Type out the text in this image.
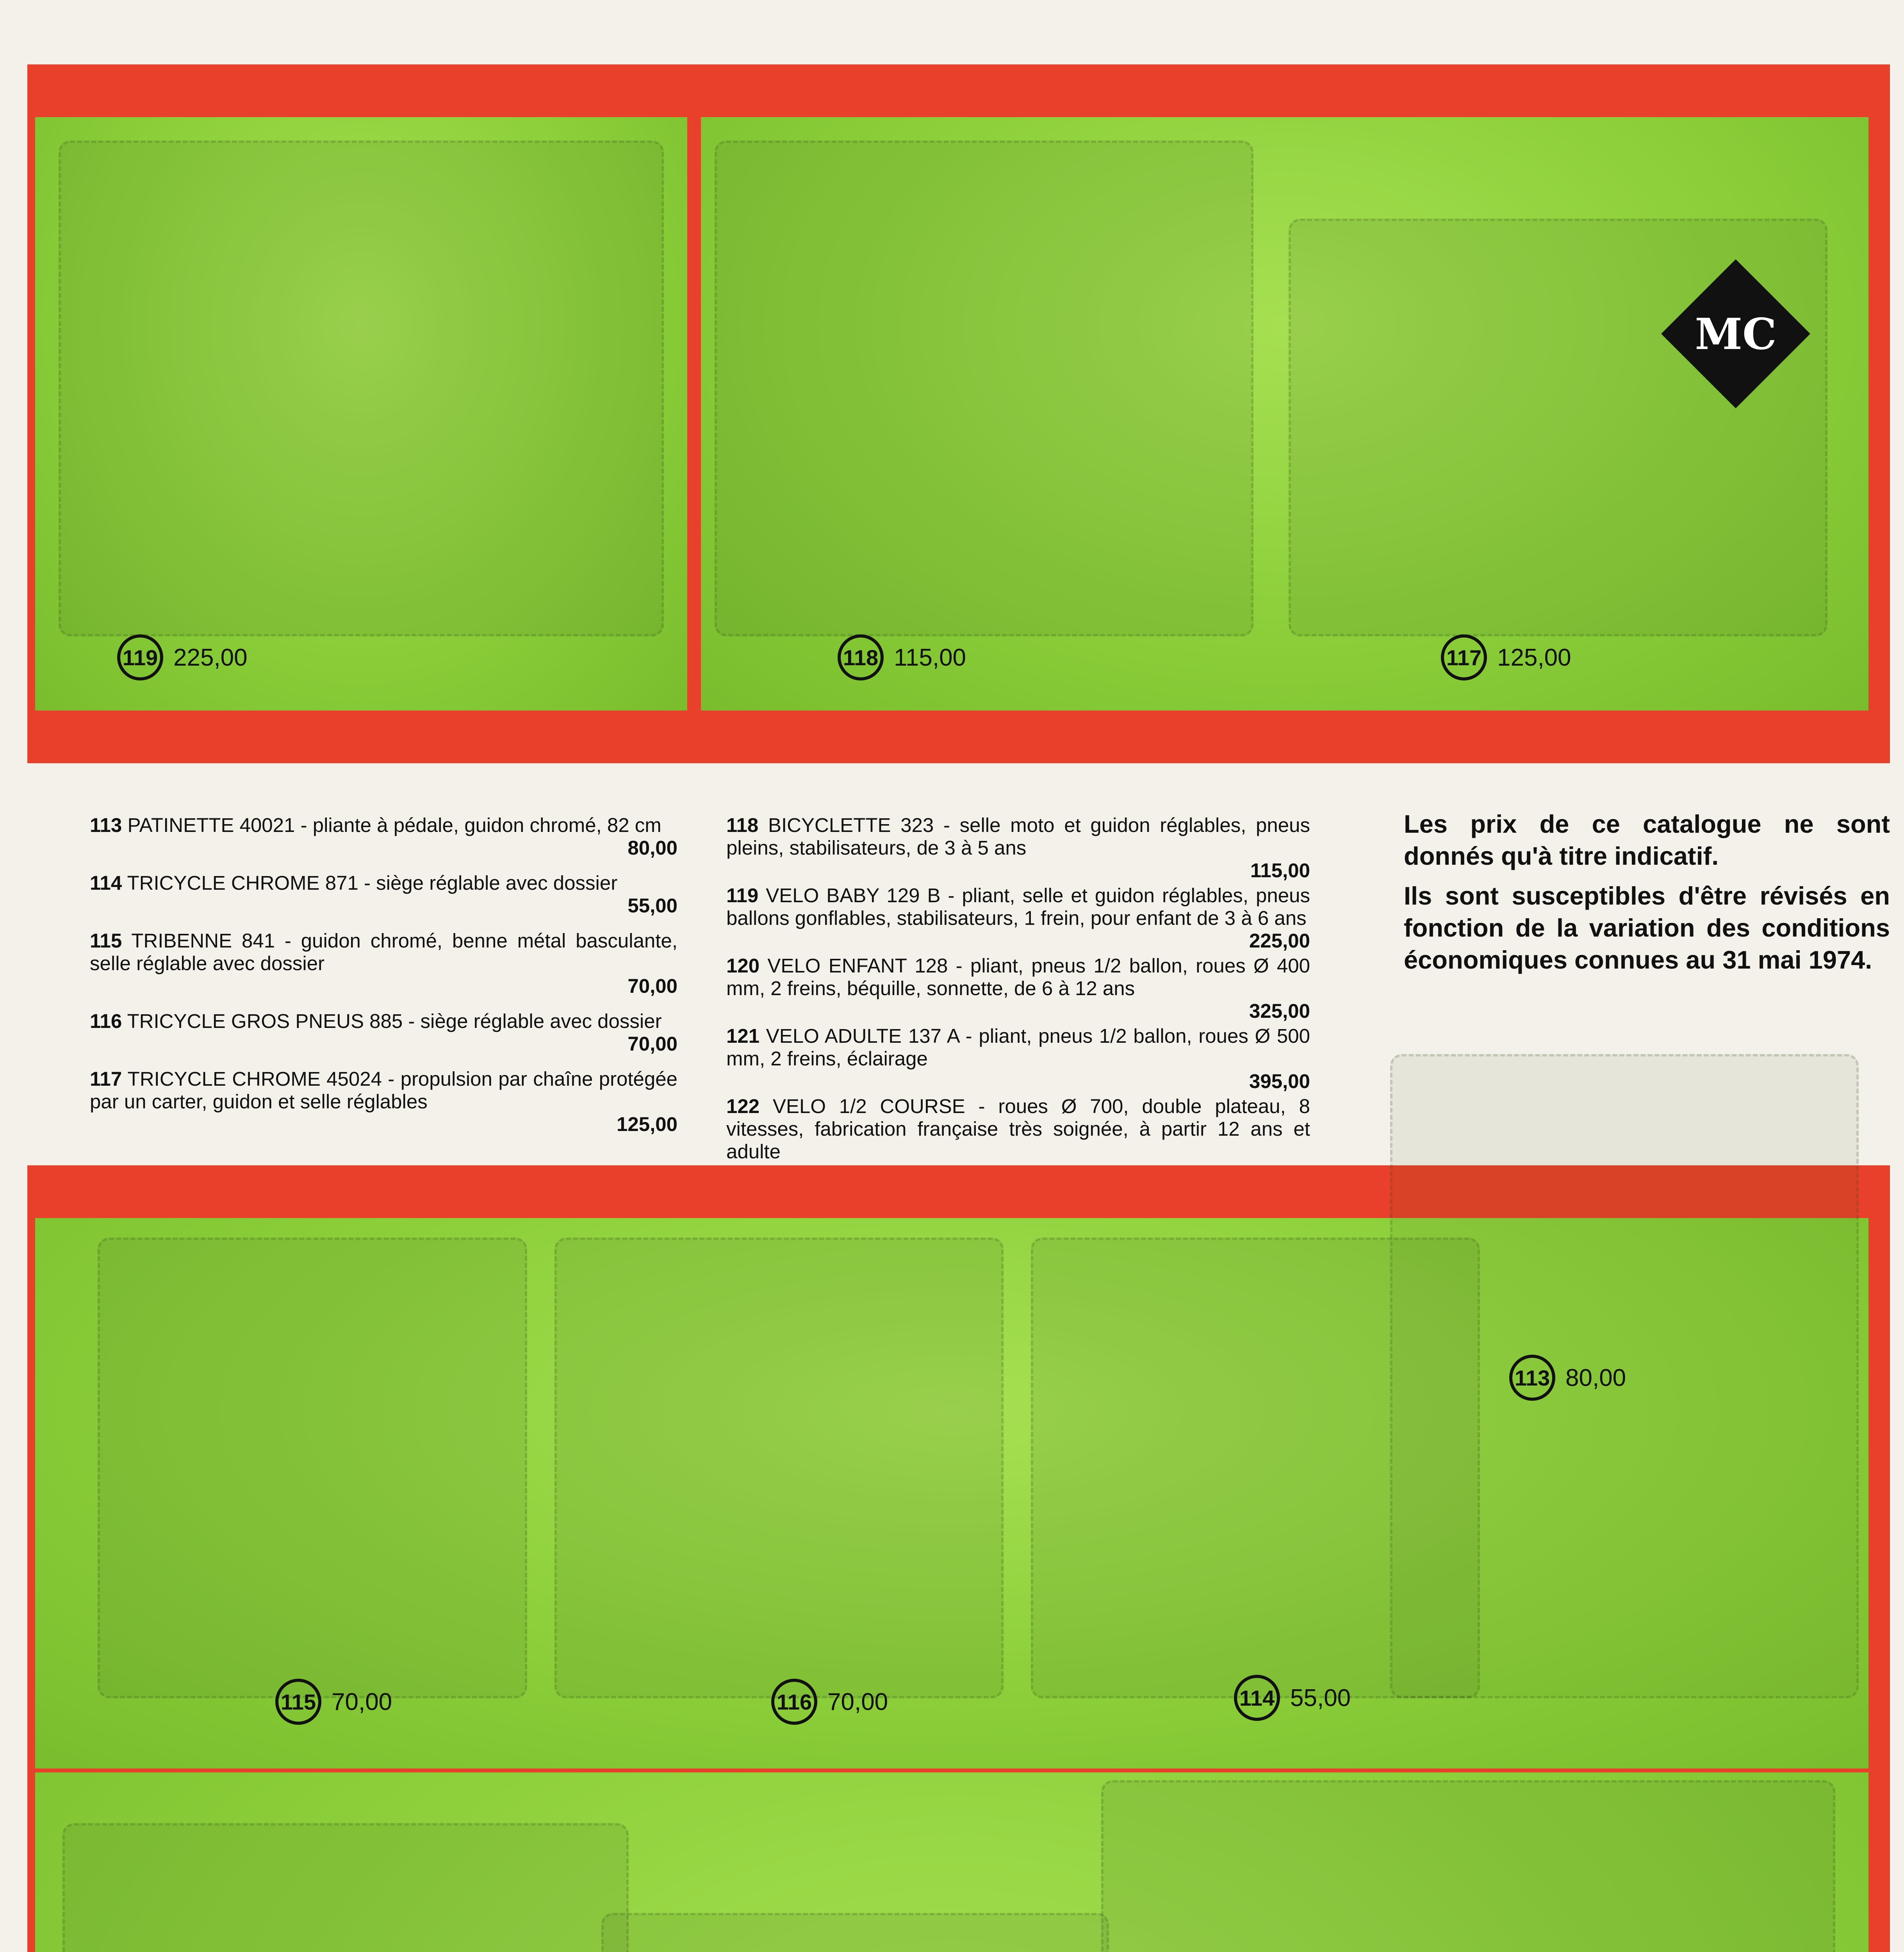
MC
119 225,00	118 115,00	117 125,00
113 PATINETTE 40021 - pliante à pédale, guidon chromé, 82 cm
80,00
114 TRICYCLE CHROME 871 - siège réglable avec dossier
55,00
115 TRIBENNE 841 - guidon chromé, benne métal basculante, selle réglable avec dossier
70,00
116 TRICYCLE GROS PNEUS 885 - siège réglable avec dossier
70,00
117 TRICYCLE CHROME 45024 - propulsion par chaîne protégée par un carter, guidon et selle réglables
125,00
118 BICYCLETTE 323 - selle moto et guidon réglables, pneus pleins, stabilisateurs, de 3 à 5 ans
115,00
119 VELO BABY 129 B - pliant, selle et guidon réglables, pneus ballons gonflables, stabilisateurs, 1 frein, pour enfant de 3 à 6 ans
225,00
120 VELO ENFANT 128 - pliant, pneus 1/2 ballon, roues Ø 400 mm, 2 freins, béquille, sonnette, de 6 à 12 ans
325,00
121 VELO ADULTE 137 A - pliant, pneus 1/2 ballon, roues Ø 500 mm, 2 freins, éclairage
395,00
122 VELO 1/2 COURSE - roues Ø 700, double plateau, 8 vitesses, fabrication française très soignée, à partir 12 ans et adulte

Les prix de ce catalogue ne sont donnés qu'à titre indicatif.

Ils sont susceptibles d'être révisés en fonction de la variation des conditions économiques connues au 31 mai 1974.

115 70,00	116 70,00	114 55,00
113 80,00
